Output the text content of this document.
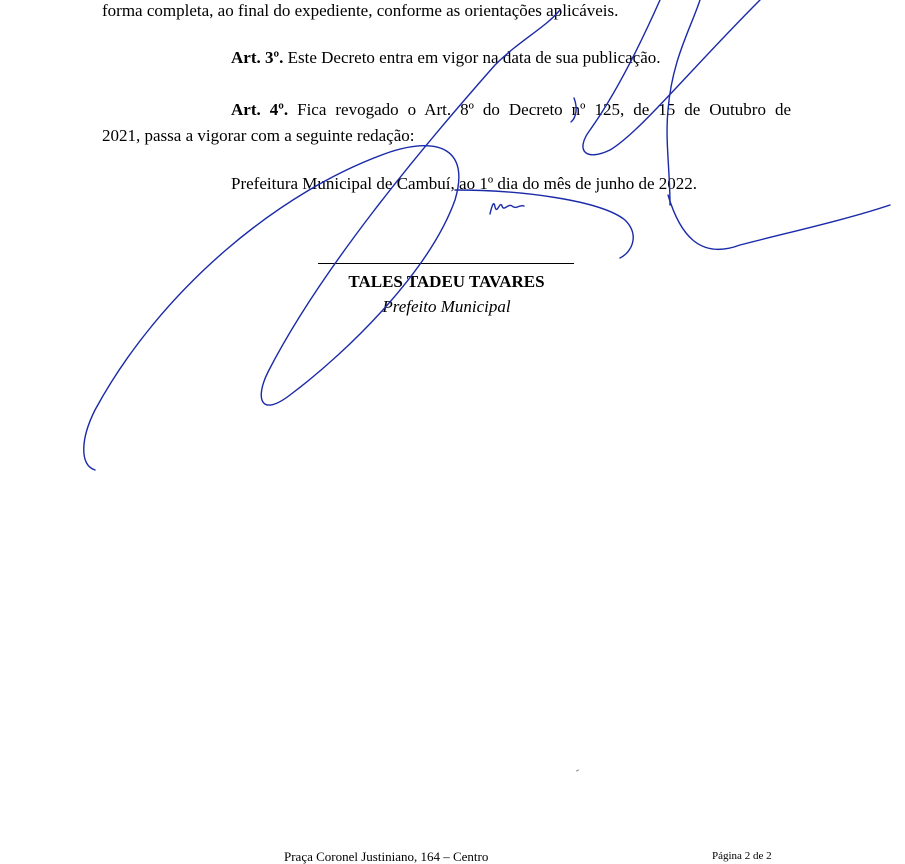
forma completa, ao final do expediente, conforme as orientações aplicáveis.
Art. 3º. Este Decreto entra em vigor na data de sua publicação.
Art. 4º. Fica revogado o Art. 8º do Decreto nº 125, de 15 de Outubro de
2021, passa a vigorar com a seguinte redação:
Prefeitura Municipal de Cambuí, ao 1º dia do mês de junho de 2022.
TALES TADEU TAVARES
Prefeito Municipal
Praça Coronel Justiniano, 164 – Centro	Página 2 de 2
